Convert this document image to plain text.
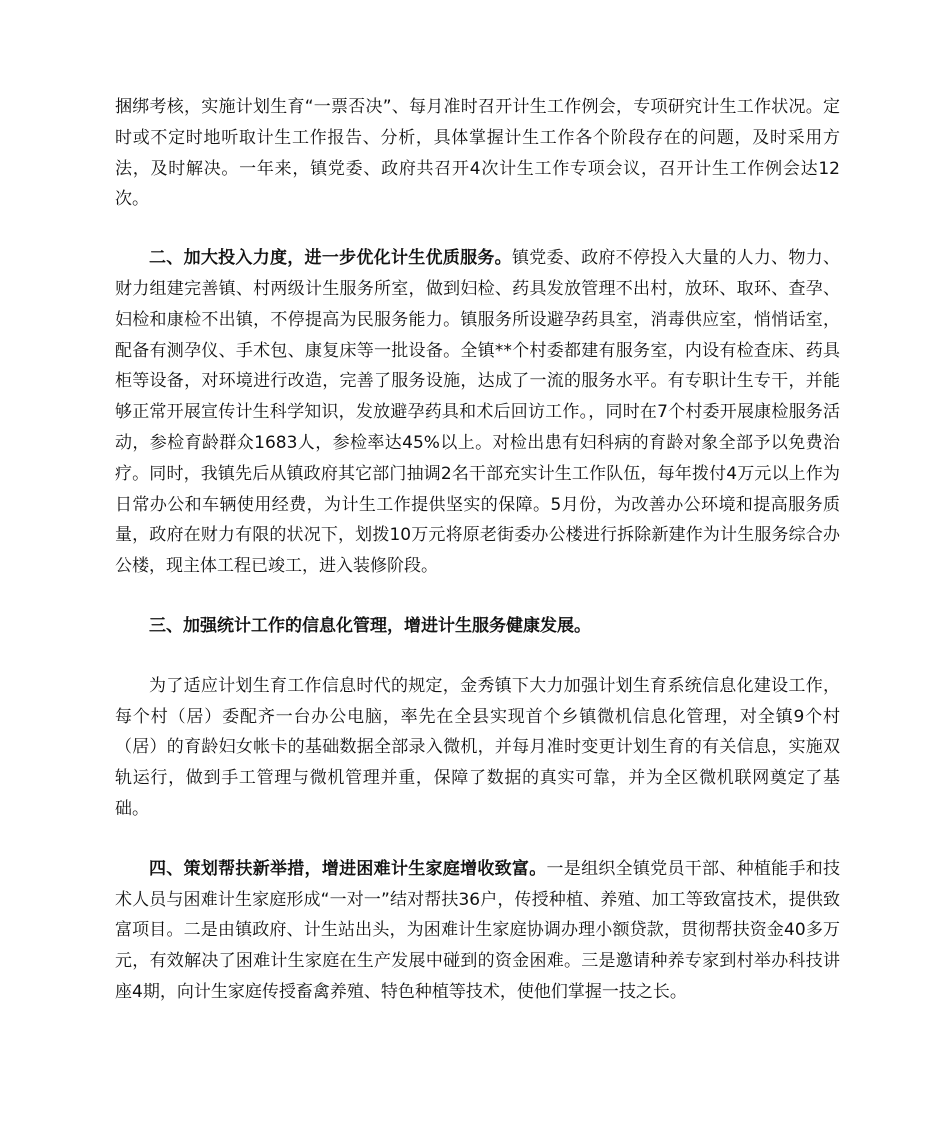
捆绑考核，实施计划生育“一票否决”、每月准时召开计生工作例会，专项研究计生工作状况。定时或不定时地听取计生工作报告、分析，具体掌握计生工作各个阶段存在的问题，及时采用方法，及时解决。一年来，镇党委、政府共召开4次计生工作专项会议，召开计生工作例会达12次。

二、加大投入力度，进一步优化计生优质服务。镇党委、政府不停投入大量的人力、物力、财力组建完善镇、村两级计生服务所室，做到妇检、药具发放管理不出村，放环、取环、查孕、妇检和康检不出镇，不停提高为民服务能力。镇服务所设避孕药具室，消毒供应室，悄悄话室，配备有测孕仪、手术包、康复床等一批设备。全镇**个村委都建有服务室，内设有检查床、药具柜等设备，对环境进行改造，完善了服务设施，达成了一流的服务水平。有专职计生专干，并能够正常开展宣传计生科学知识，发放避孕药具和术后回访工作。，同时在7个村委开展康检服务活动，参检育龄群众1683人，参检率达45%以上。对检出患有妇科病的育龄对象全部予以免费治疗。同时，我镇先后从镇政府其它部门抽调2名干部充实计生工作队伍，每年拨付4万元以上作为日常办公和车辆使用经费，为计生工作提供坚实的保障。5月份，为改善办公环境和提高服务质量，政府在财力有限的状况下，划拨10万元将原老街委办公楼进行拆除新建作为计生服务综合办公楼，现主体工程已竣工，进入装修阶段。

三、加强统计工作的信息化管理，增进计生服务健康发展。

为了适应计划生育工作信息时代的规定，金秀镇下大力加强计划生育系统信息化建设工作，每个村（居）委配齐一台办公电脑，率先在全县实现首个乡镇微机信息化管理，对全镇9个村（居）的育龄妇女帐卡的基础数据全部录入微机，并每月准时变更计划生育的有关信息，实施双轨运行，做到手工管理与微机管理并重，保障了数据的真实可靠，并为全区微机联网奠定了基础。

四、策划帮扶新举措，增进困难计生家庭增收致富。一是组织全镇党员干部、种植能手和技术人员与困难计生家庭形成“一对一”结对帮扶36户，传授种植、养殖、加工等致富技术，提供致富项目。二是由镇政府、计生站出头，为困难计生家庭协调办理小额贷款，贯彻帮扶资金40多万元，有效解决了困难计生家庭在生产发展中碰到的资金困难。三是邀请种养专家到村举办科技讲座4期，向计生家庭传授畜禽养殖、特色种植等技术，使他们掌握一技之长。
